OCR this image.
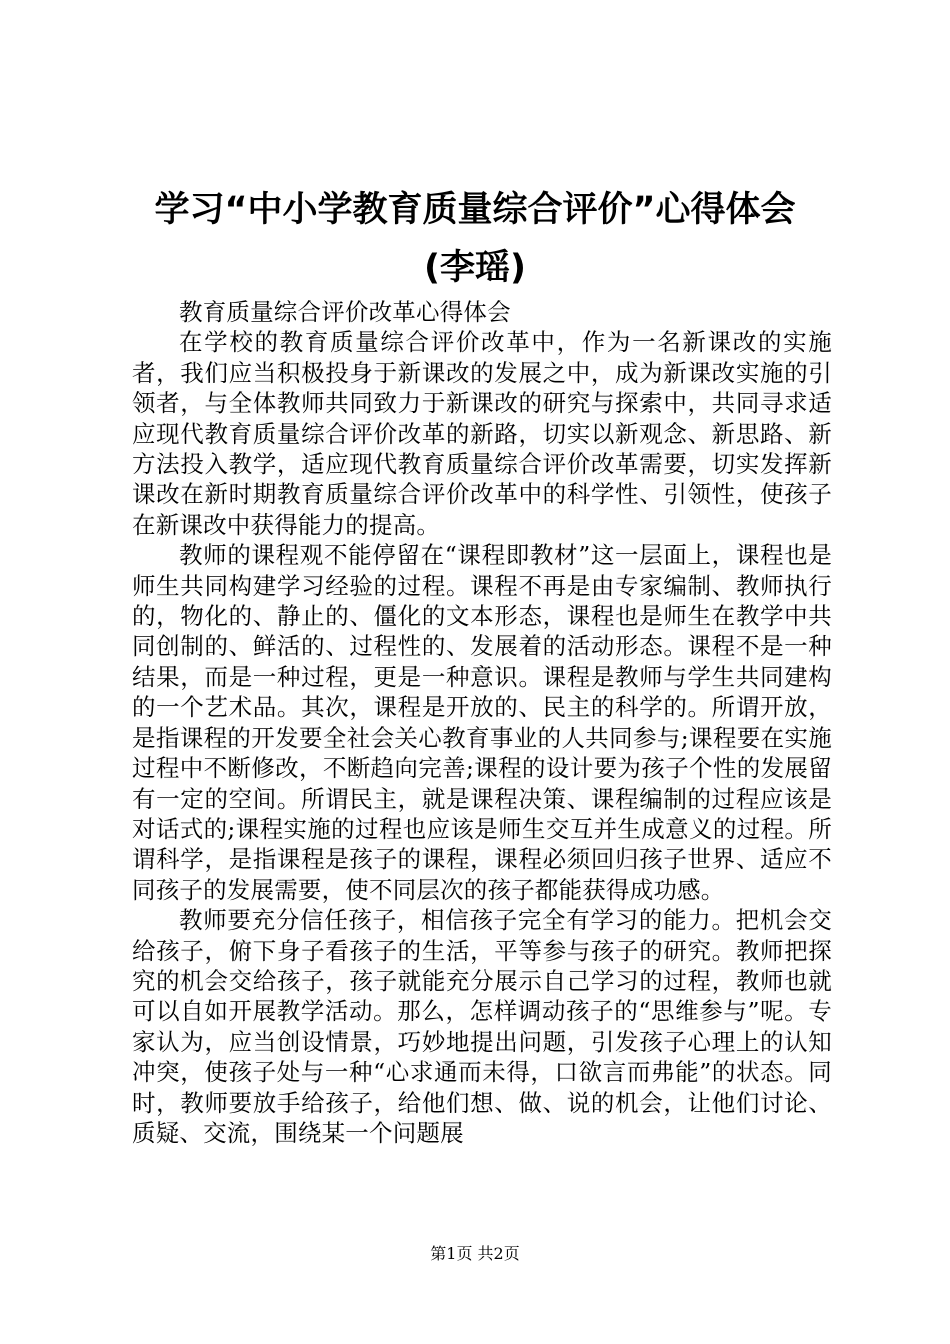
学习“中小学教育质量综合评价”心得体会
(李瑶)

教育质量综合评价改革心得体会

在学校的教育质量综合评价改革中，作为一名新课改的实施者，我们应当积极投身于新课改的发展之中，成为新课改实施的引领者，与全体教师共同致力于新课改的研究与探索中，共同寻求适应现代教育质量综合评价改革的新路，切实以新观念、新思路、新方法投入教学，适应现代教育质量综合评价改革需要，切实发挥新课改在新时期教育质量综合评价改革中的科学性、引领性，使孩子在新课改中获得能力的提高。

教师的课程观不能停留在“课程即教材”这一层面上，课程也是师生共同构建学习经验的过程。课程不再是由专家编制、教师执行的，物化的、静止的、僵化的文本形态，课程也是师生在教学中共同创制的、鲜活的、过程性的、发展着的活动形态。课程不是一种结果，而是一种过程，更是一种意识。课程是教师与学生共同建构的一个艺术品。其次，课程是开放的、民主的科学的。所谓开放，是指课程的开发要全社会关心教育事业的人共同参与;课程要在实施过程中不断修改，不断趋向完善;课程的设计要为孩子个性的发展留有一定的空间。所谓民主，就是课程决策、课程编制的过程应该是对话式的;课程实施的过程也应该是师生交互并生成意义的过程。所谓科学，是指课程是孩子的课程，课程必须回归孩子世界、适应不同孩子的发展需要，使不同层次的孩子都能获得成功感。

教师要充分信任孩子，相信孩子完全有学习的能力。把机会交给孩子，俯下身子看孩子的生活，平等参与孩子的研究。教师把探究的机会交给孩子，孩子就能充分展示自己学习的过程，教师也就可以自如开展教学活动。那么，怎样调动孩子的“思维参与”呢。专家认为，应当创设情景，巧妙地提出问题，引发孩子心理上的认知冲突，使孩子处与一种“心求通而未得，口欲言而弗能”的状态。同时，教师要放手给孩子，给他们想、做、说的机会，让他们讨论、质疑、交流，围绕某一个问题展

第1页 共2页
